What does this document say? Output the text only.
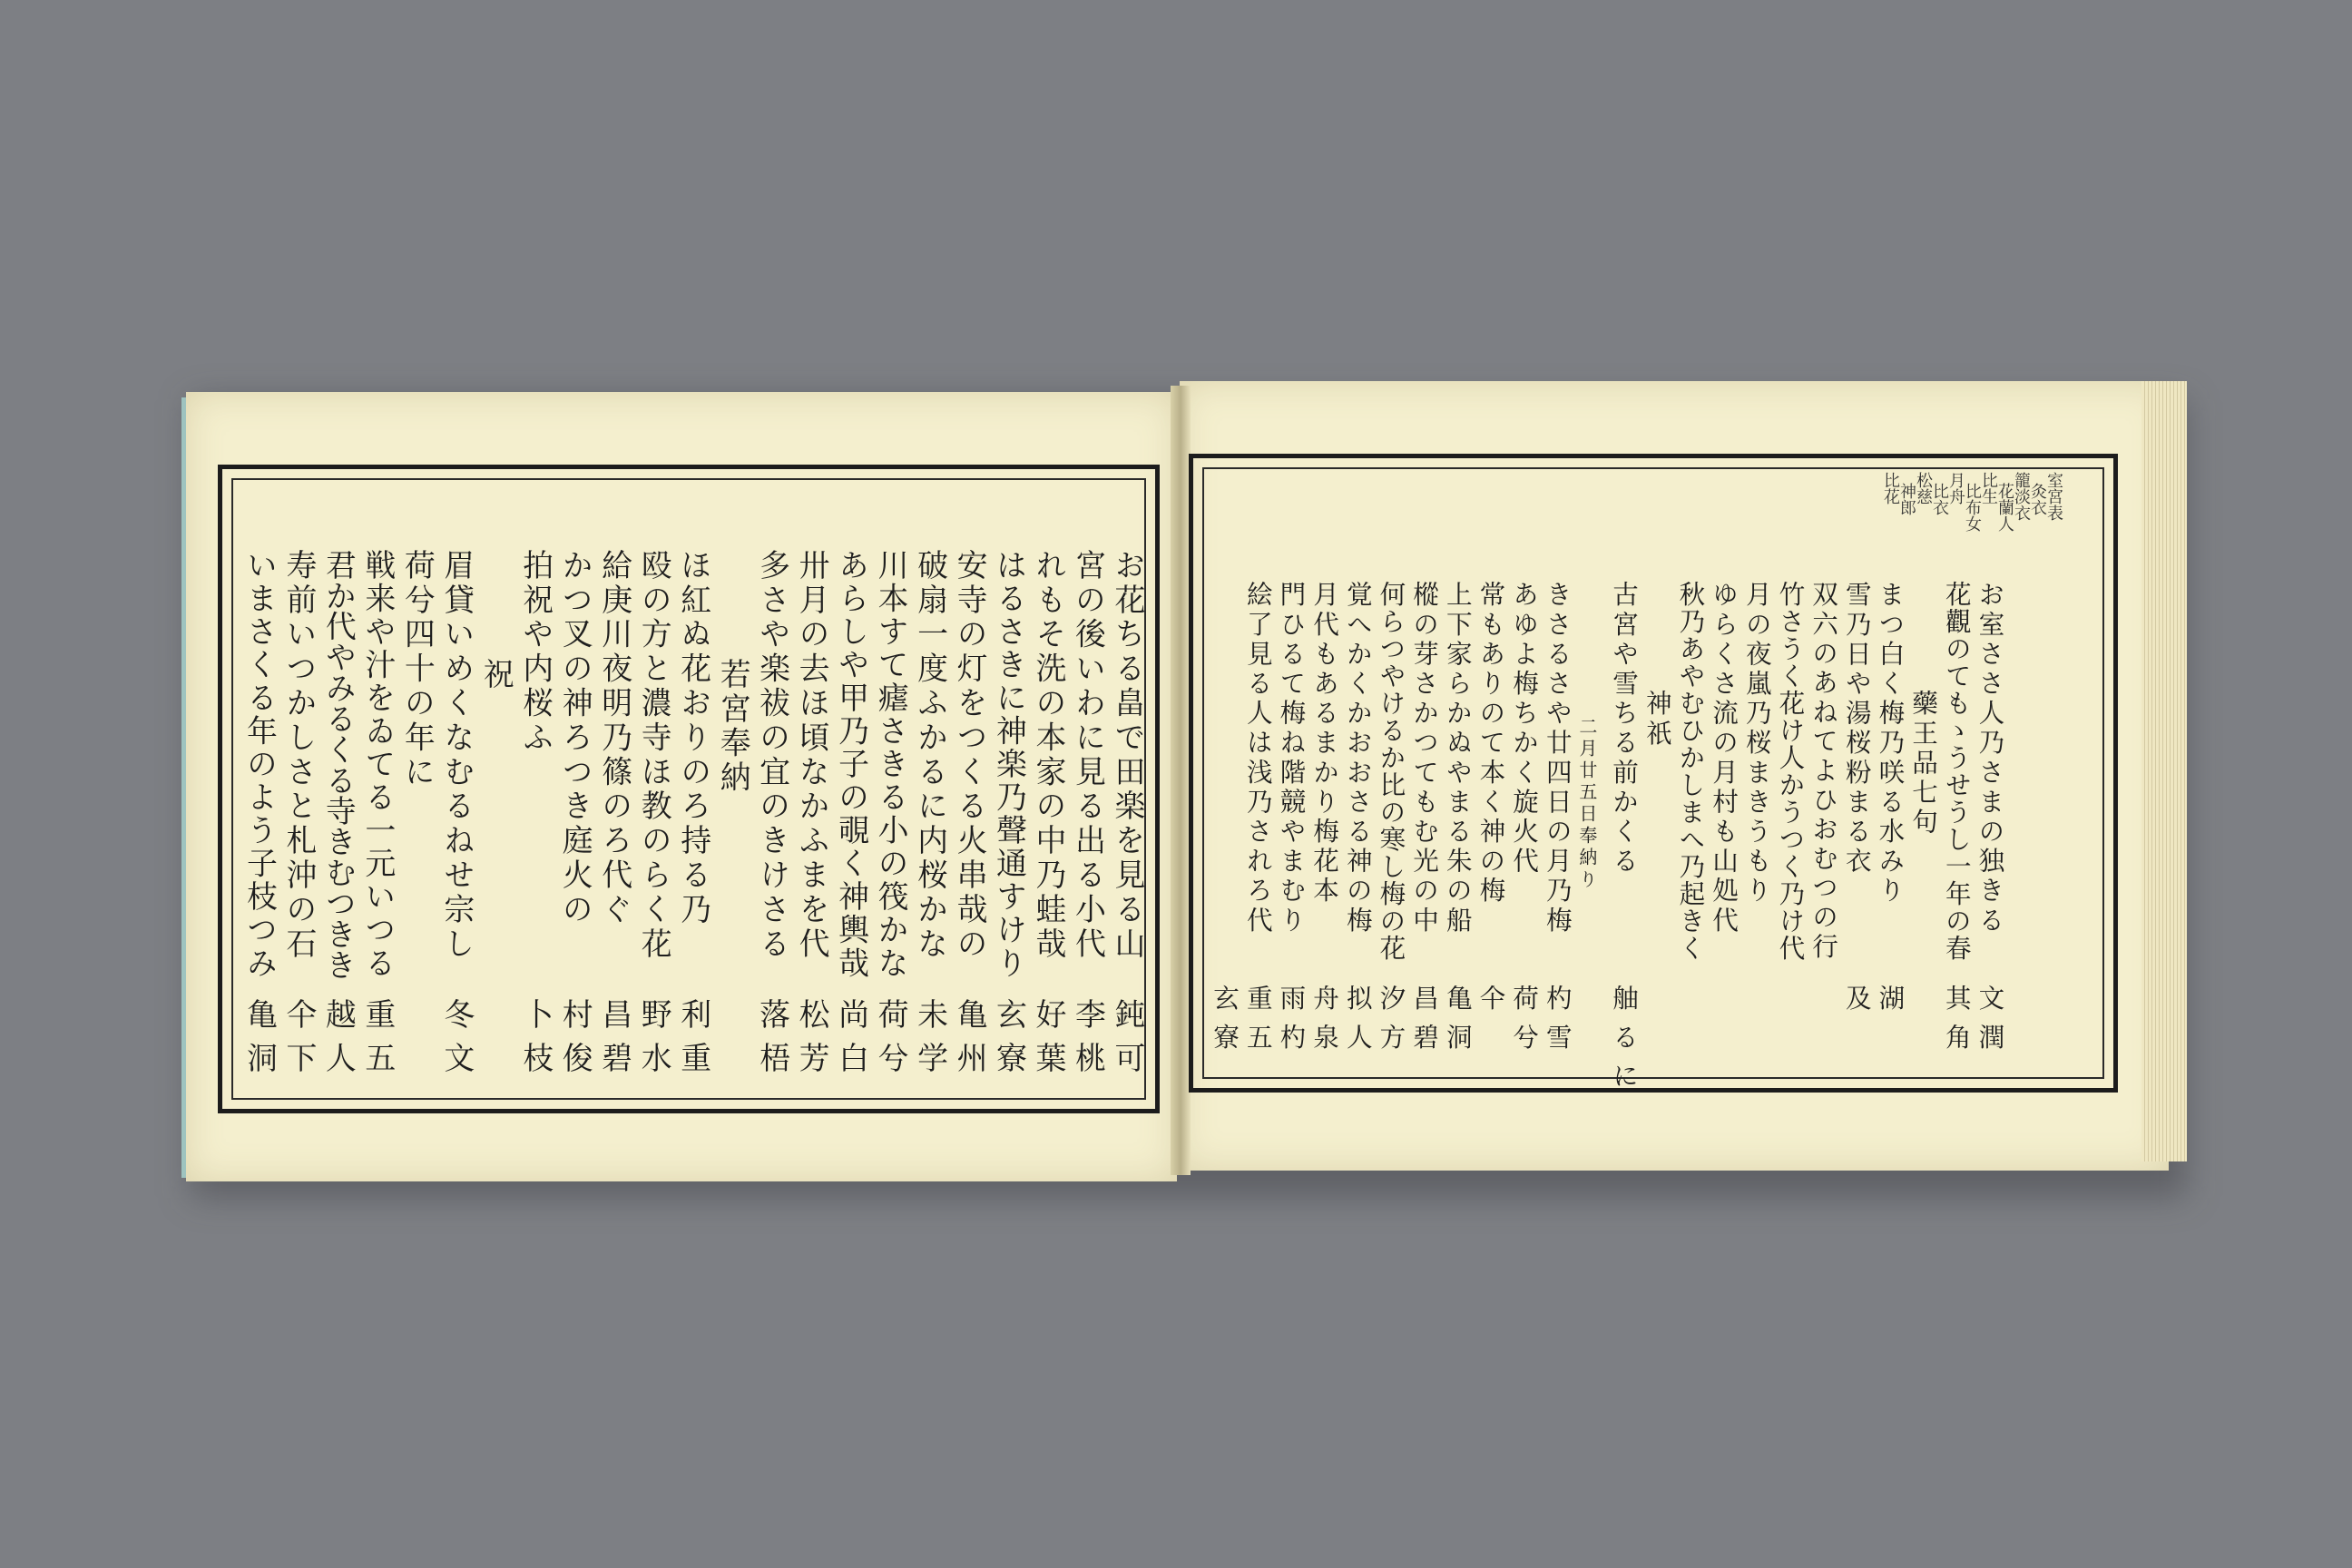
お花ちる畠で田楽を見る山
鈍可
宮の後いわに見る出る小代
李桃
れもそ洗の本家の中乃蛙哉
好葉
はるさきに神楽乃聲通すけり
玄寮
安寺の灯をつくる火串哉の
亀州
破扇一度ふかるに内桜かな
未学
川本すて瘧さきる小の筏かな
荷兮
あらしや甲乃子の覗く神輿哉
尚白
卅月の去ほ頃なかふまを代
松芳
多さや楽祓の宜のきけさる
落梧
若宮奉納
ほ紅ぬ花おりのろ持る乃
利重
殴の方と濃寺ほ教のらく花
野水
給庚川夜明乃篠のろ代ぐ
昌碧
かつ叉の神ろつき庭火の
村俊
拍祝や内桜ふ
卜枝
祝
眉貸いめくなむるねせ宗し
冬文
荷兮四十の年に
戦来や汁をゐてる一元いつる
重五
君か代やみるくる寺きむつきき
越人
寿前いつかしさと札沖の石
仐下
いまさくる年のよう子枝つみ
亀洞
お室ささ人乃さまの独きる
文潤
花觀のてもゝうせうし一年の春
其角
藥王品七句
まつ白く梅乃咲る水みり
湖
雪乃日や湯桜粉まる衣
及
双六のあねてよひおむつの行
竹さうく花け人かうつく乃け代
月の夜嵐乃桜まきうもり
ゆらくさ流の月村も山処代
秋乃あやむひかしまへ乃起きく
神祇
古宮や雪ちる前かくる
舳るに
二月廿五日奉納り
きさるさや廿四日の月乃梅
杓雪
あゆよ梅ちかく旋火代
荷兮
常もありのて本く神の梅
仐
上下家らかぬやまる朱の船
亀洞
樅の芽さかつてもむ光の中
昌碧
何らつやけるか比の寒し梅の花
汐方
覚へかくかおおさる神の梅
拟人
月代もあるまかり梅花本
舟泉
門ひるて梅ね階競やまむり
雨杓
絵了見る人は浅乃されろ代
重五
玄寮
室宮表
灸衣
籠淡衣
花蘭人
比生
比布女
月舟
比衣
松慈
神郎
比花
